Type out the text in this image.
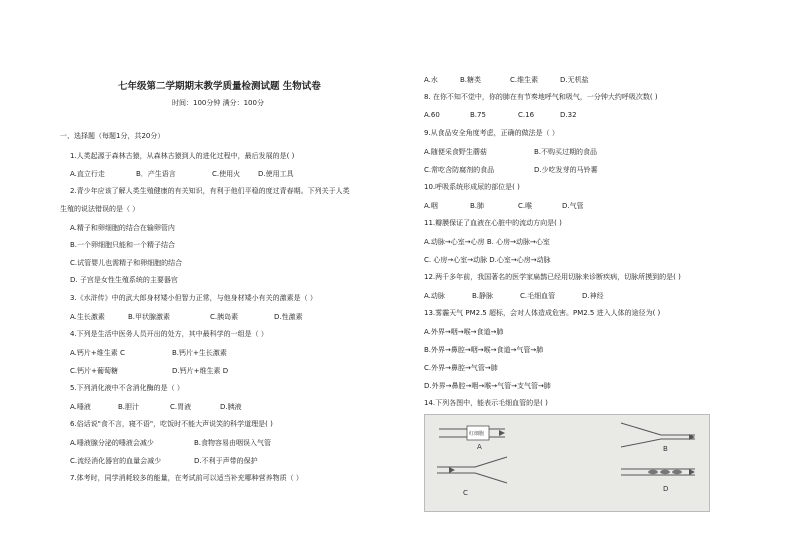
七年级第二学期期末教学质量检测试题 生物试卷
时间：100分钟 满分：100分
一、选择题（每题1分，共20分）
1.人类起源于森林古猿，从森林古猿到人的进化过程中，最后发展的是( )
A.直立行走	B．产生语言	C.使用火	D.使用工具
2.青少年应该了解人类生殖健康的有关知识，有利于他们平稳的度过青春期。下列关于人类
生殖的说法错误的是（ ）
A.精子和卵细胞的结合在输卵管内
B.一个卵细胞只能和一个精子结合
C.试管婴儿也需精子和卵细胞的结合
D. 子宫是女性生殖系统的主要器官
3.《水浒传》中的武大郎身材矮小但智力正常，与他身材矮小有关的激素是（ ）
A.生长激素	B.甲状腺激素	C.胰岛素	D.性激素
4.下列是生活中医务人员开出的处方，其中最科学的一组是（ ）
A.钙片+维生素 C	B.钙片+生长激素
C.钙片+葡萄糖	D.钙片+维生素 D
5.下列消化液中不含消化酶的是（ ）
A.唾液	B.胆汁	C.胃液	D.胰液
6.俗话说"食不言，寝不语"，吃饭时不能大声说笑的科学道理是( )
A.唾液腺分泌的唾液会减少	B.食物容易由咽误入气管
C.流经消化器官的血量会减少	D.不利于声带的保护
7.体考时，同学消耗较多的能量，在考试前可以适当补充哪种营养物质（ ）
A.水	B.糖类	C.维生素	D.无机盐
8. 在你不知不觉中，你的肺在有节奏地呼气和吸气，一分钟大约呼吸次数( )
A.60	B.75	C.16	D.32
9.从食品安全角度考虑，正确的做法是（ ）
A.随便采食野生蘑菇	B.不购买过期的食品
C.常吃含防腐剂的食品	D.少吃发芽的马铃薯
10.呼吸系统形成尿的部位是( )
A.咽	B.肺	C.喉	D.气管
11.瓣膜保证了血液在心脏中的流动方向是( )
A.动脉→心室→心房 B. 心房→动脉→心室
C. 心房→心室→动脉 D.心室→心房→动脉
12.两千多年前，我国著名的医学家扁鹊已经用切脉来诊断疾病，切脉所摸到的是( )
A.动脉	B.静脉	C.毛细血管	D.神经
13.雾霾天气 PM2.5 超标，会对人体造成危害。PM2.5 进入人体的途径为( )
A.外界→咽→喉→食道→肺
B.外界→鼻腔→咽→喉→食道→气管→肺
C.外界→鼻腔→气管→肺
D.外界→鼻腔→咽→喉→气管→支气管→肺
14.下列各图中，能表示毛细血管的是( )
红细胞
A	B
C	D
